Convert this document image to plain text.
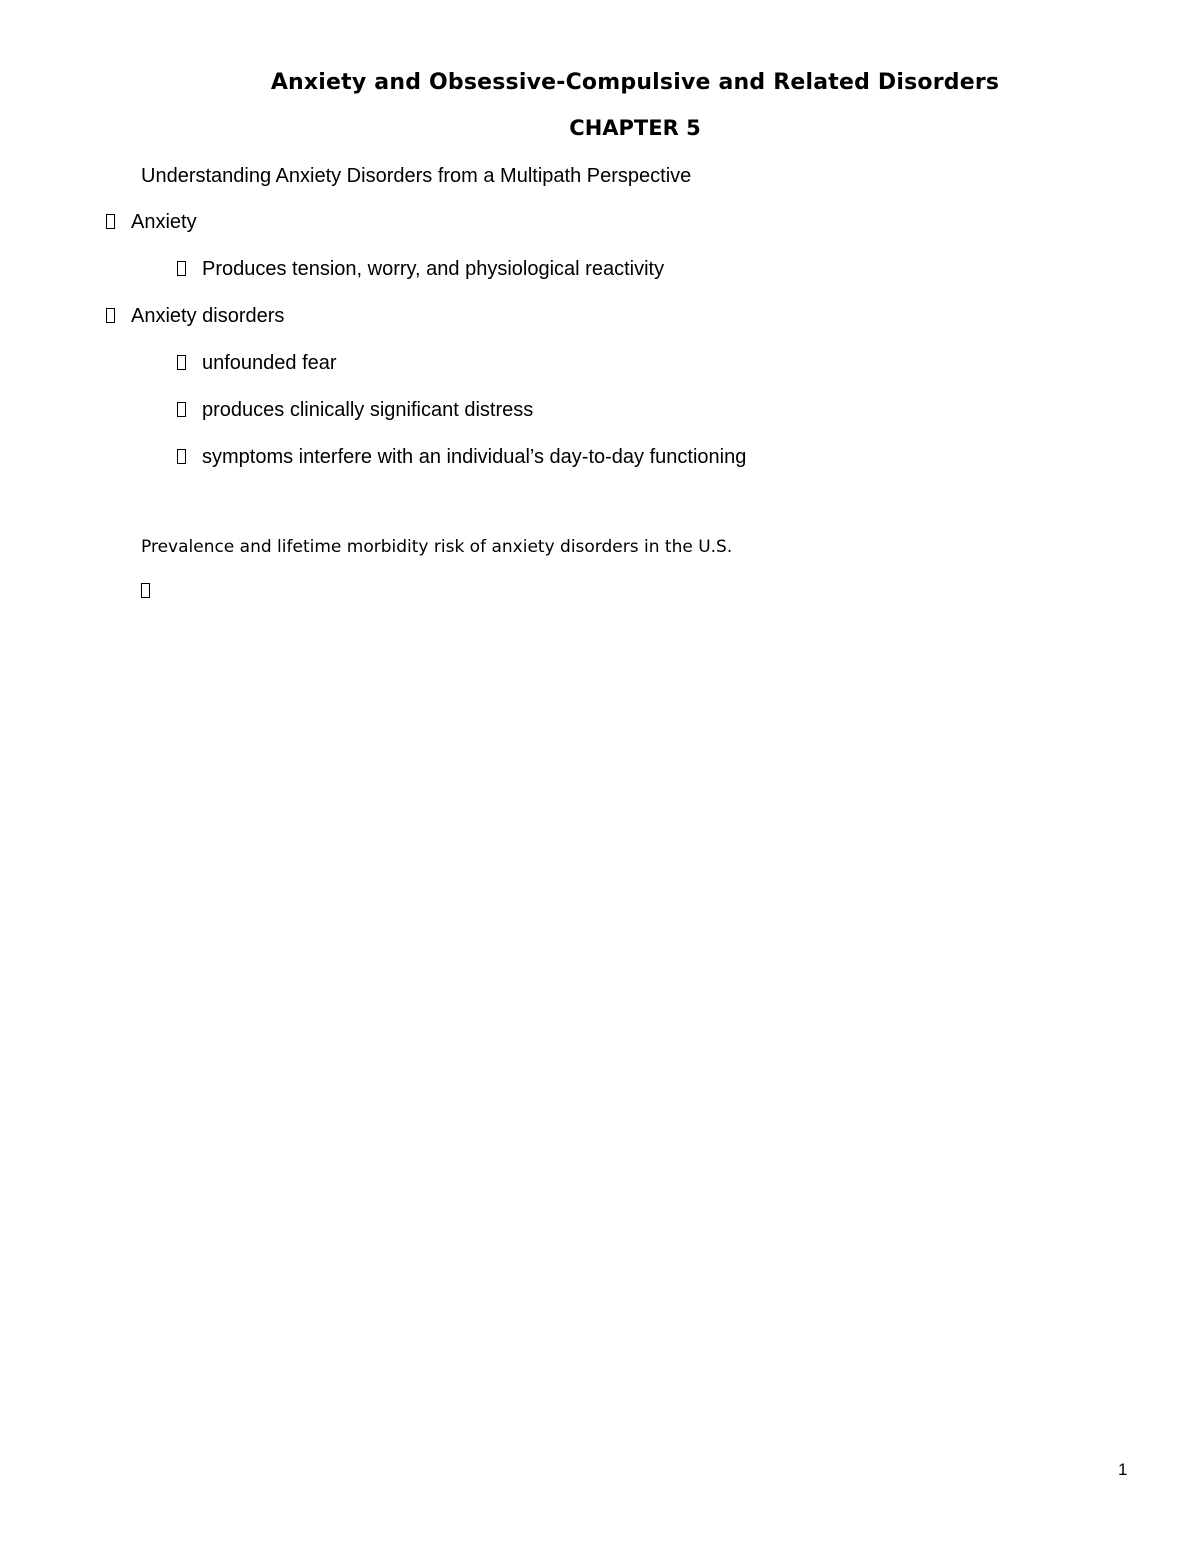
Anxiety and Obsessive-Compulsive and Related Disorders
CHAPTER 5
Understanding Anxiety Disorders from a Multipath Perspective
Anxiety
Produces tension, worry, and physiological reactivity
Anxiety disorders
unfounded fear
produces clinically significant distress
symptoms interfere with an individual’s day-to-day functioning
Prevalence and lifetime morbidity risk of anxiety disorders in the U.S.
1
